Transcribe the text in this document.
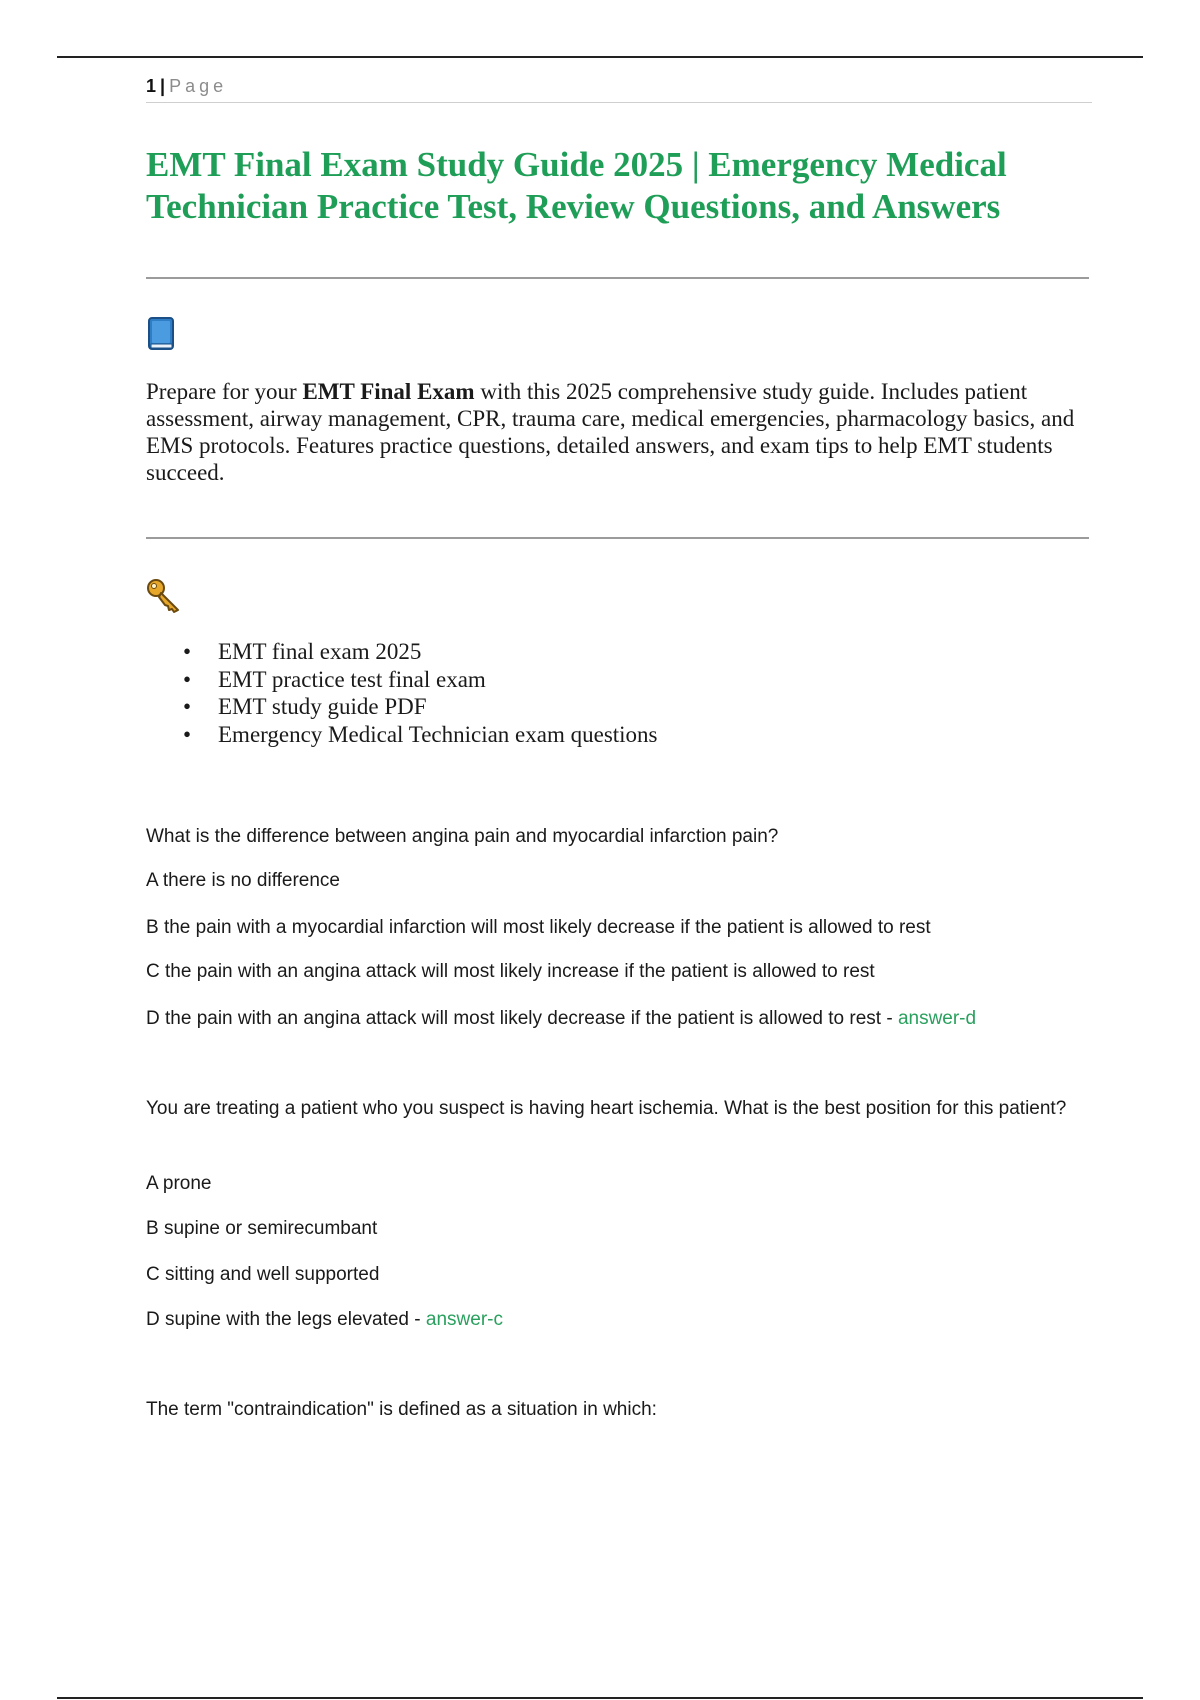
1 | Page
EMT Final Exam Study Guide 2025 | Emergency Medical Technician Practice Test, Review Questions, and Answers

Prepare for your EMT Final Exam with this 2025 comprehensive study guide. Includes patient assessment, airway management, CPR, trauma care, medical emergencies, pharmacology basics, and EMS protocols. Features practice questions, detailed answers, and exam tips to help EMT students succeed.

• EMT final exam 2025
• EMT practice test final exam
• EMT study guide PDF
• Emergency Medical Technician exam questions

What is the difference between angina pain and myocardial infarction pain?

A there is no difference

B the pain with a myocardial infarction will most likely decrease if the patient is allowed to rest

C the pain with an angina attack will most likely increase if the patient is allowed to rest

D the pain with an angina attack will most likely decrease if the patient is allowed to rest - answer-d

You are treating a patient who you suspect is having heart ischemia. What is the best position for this patient?

A prone

B supine or semirecumbant

C sitting and well supported

D supine with the legs elevated - answer-c

The term "contraindication" is defined as a situation in which:
